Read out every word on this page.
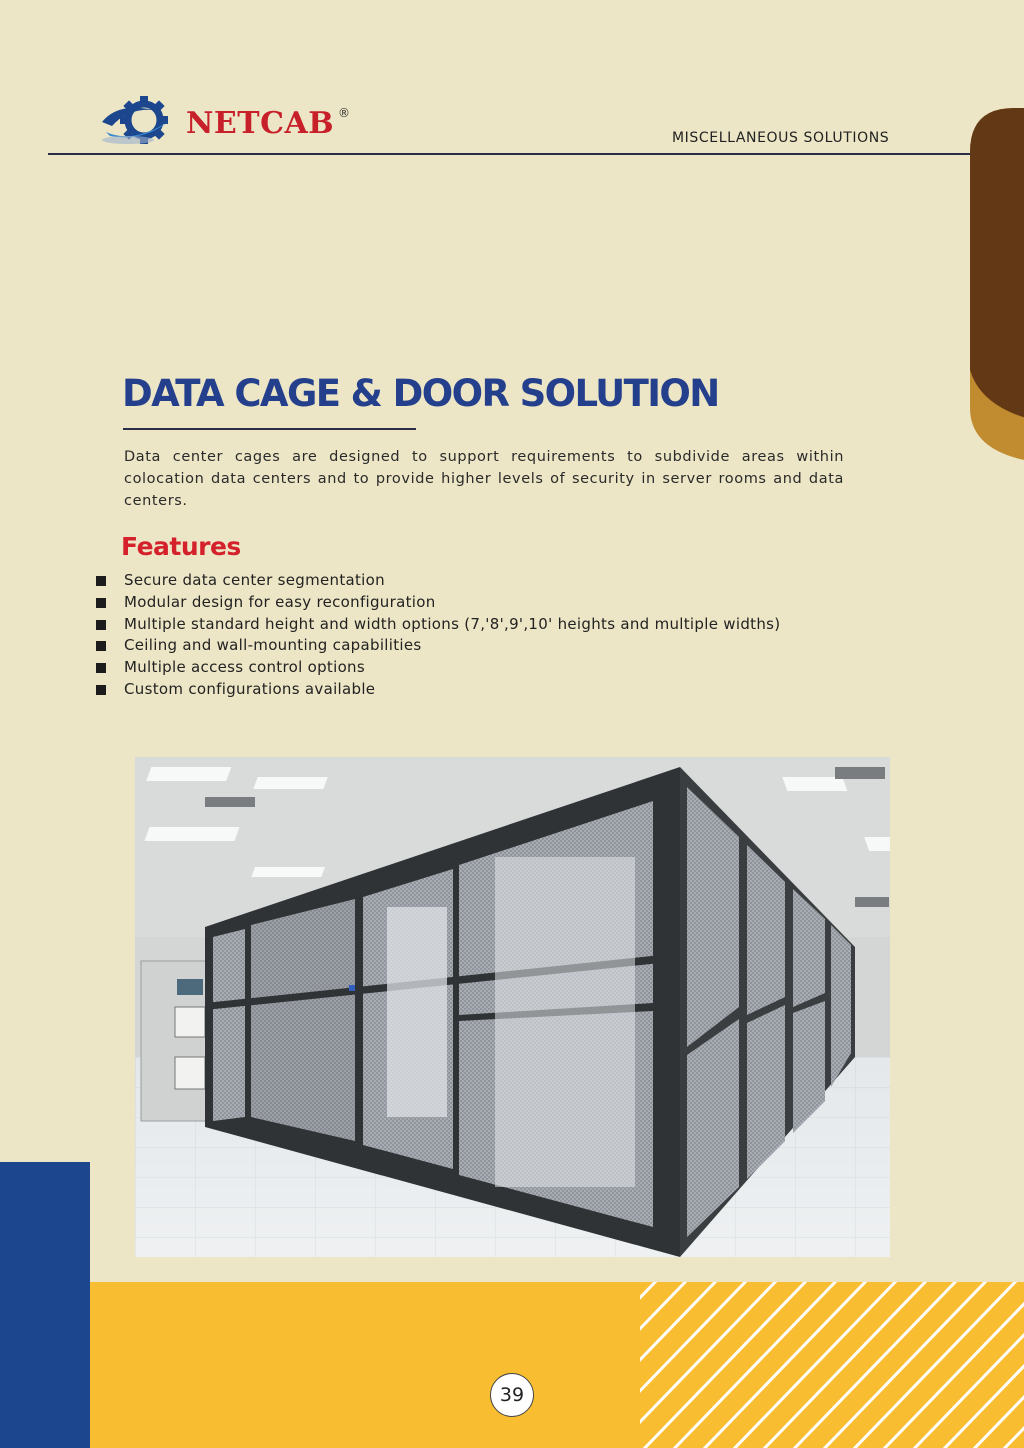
NETCAB ®
MISCELLANEOUS SOLUTIONS
DATA CAGE & DOOR SOLUTION

Data center cages are designed to support requirements to subdivide areas within colocation data centers and to provide higher levels of security in server rooms and data centers.

Features
Secure data center segmentation
Modular design for easy reconfiguration
Multiple standard height and width options (7,'8',9',10' heights and multiple widths)
Ceiling and wall-mounting capabilities
Multiple access control options
Custom configurations available
39
